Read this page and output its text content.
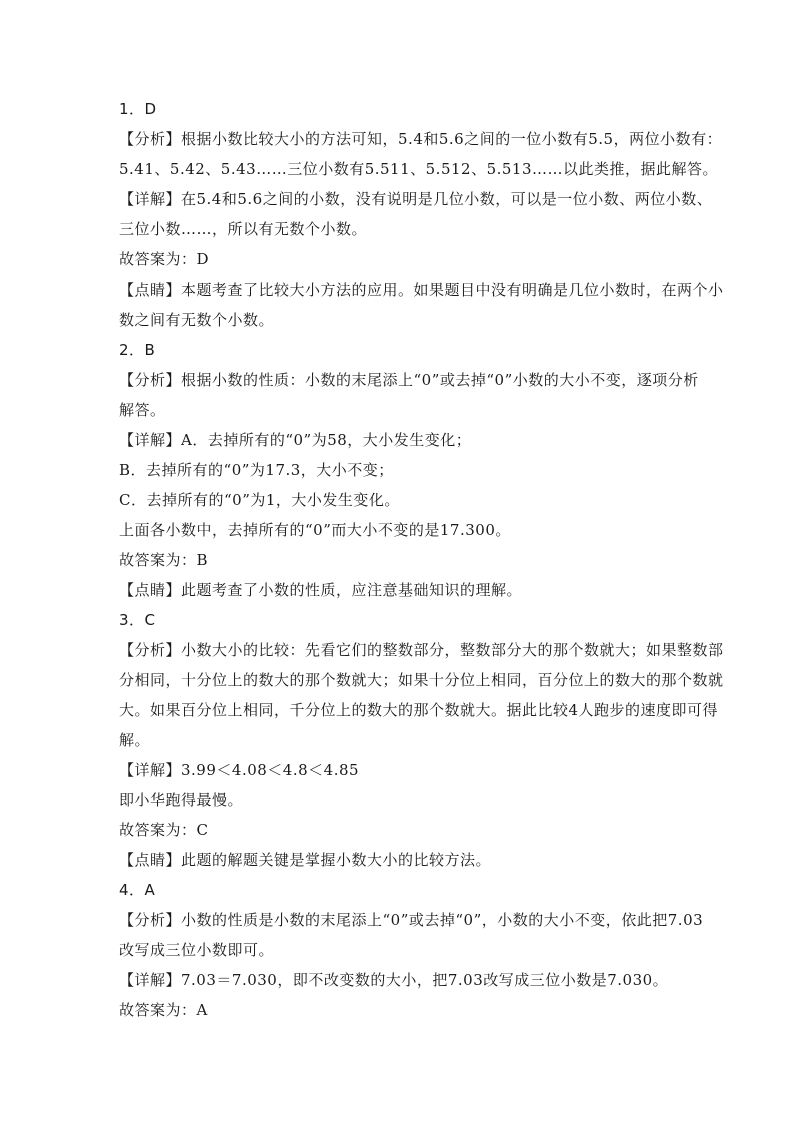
1．D
【分析】根据小数比较大小的方法可知，5.4和5.6之间的一位小数有5.5，两位小数有：
5.41、5.42、5.43……三位小数有5.511、5.512、5.513……以此类推，据此解答。
【详解】在5.4和5.6之间的小数，没有说明是几位小数，可以是一位小数、两位小数、
三位小数……，所以有无数个小数。
故答案为：D
【点睛】本题考查了比较大小方法的应用。如果题目中没有明确是几位小数时，在两个小
数之间有无数个小数。
2．B
【分析】根据小数的性质：小数的末尾添上“0”或去掉“0”小数的大小不变，逐项分析
解答。
【详解】A．去掉所有的“0”为58，大小发生变化；
B．去掉所有的“0”为17.3，大小不变；
C．去掉所有的“0”为1，大小发生变化。
上面各小数中，去掉所有的“0”而大小不变的是17.300。
故答案为：B
【点睛】此题考查了小数的性质，应注意基础知识的理解。
3．C
【分析】小数大小的比较：先看它们的整数部分，整数部分大的那个数就大；如果整数部
分相同，十分位上的数大的那个数就大；如果十分位上相同，百分位上的数大的那个数就
大。如果百分位上相同，千分位上的数大的那个数就大。据此比较4人跑步的速度即可得
解。
【详解】3.99＜4.08＜4.8＜4.85
即小华跑得最慢。
故答案为：C
【点睛】此题的解题关键是掌握小数大小的比较方法。
4．A
【分析】小数的性质是小数的末尾添上“0”或去掉“0”，小数的大小不变，依此把7.03
改写成三位小数即可。
【详解】7.03＝7.030，即不改变数的大小，把7.03改写成三位小数是7.030。
故答案为：A
